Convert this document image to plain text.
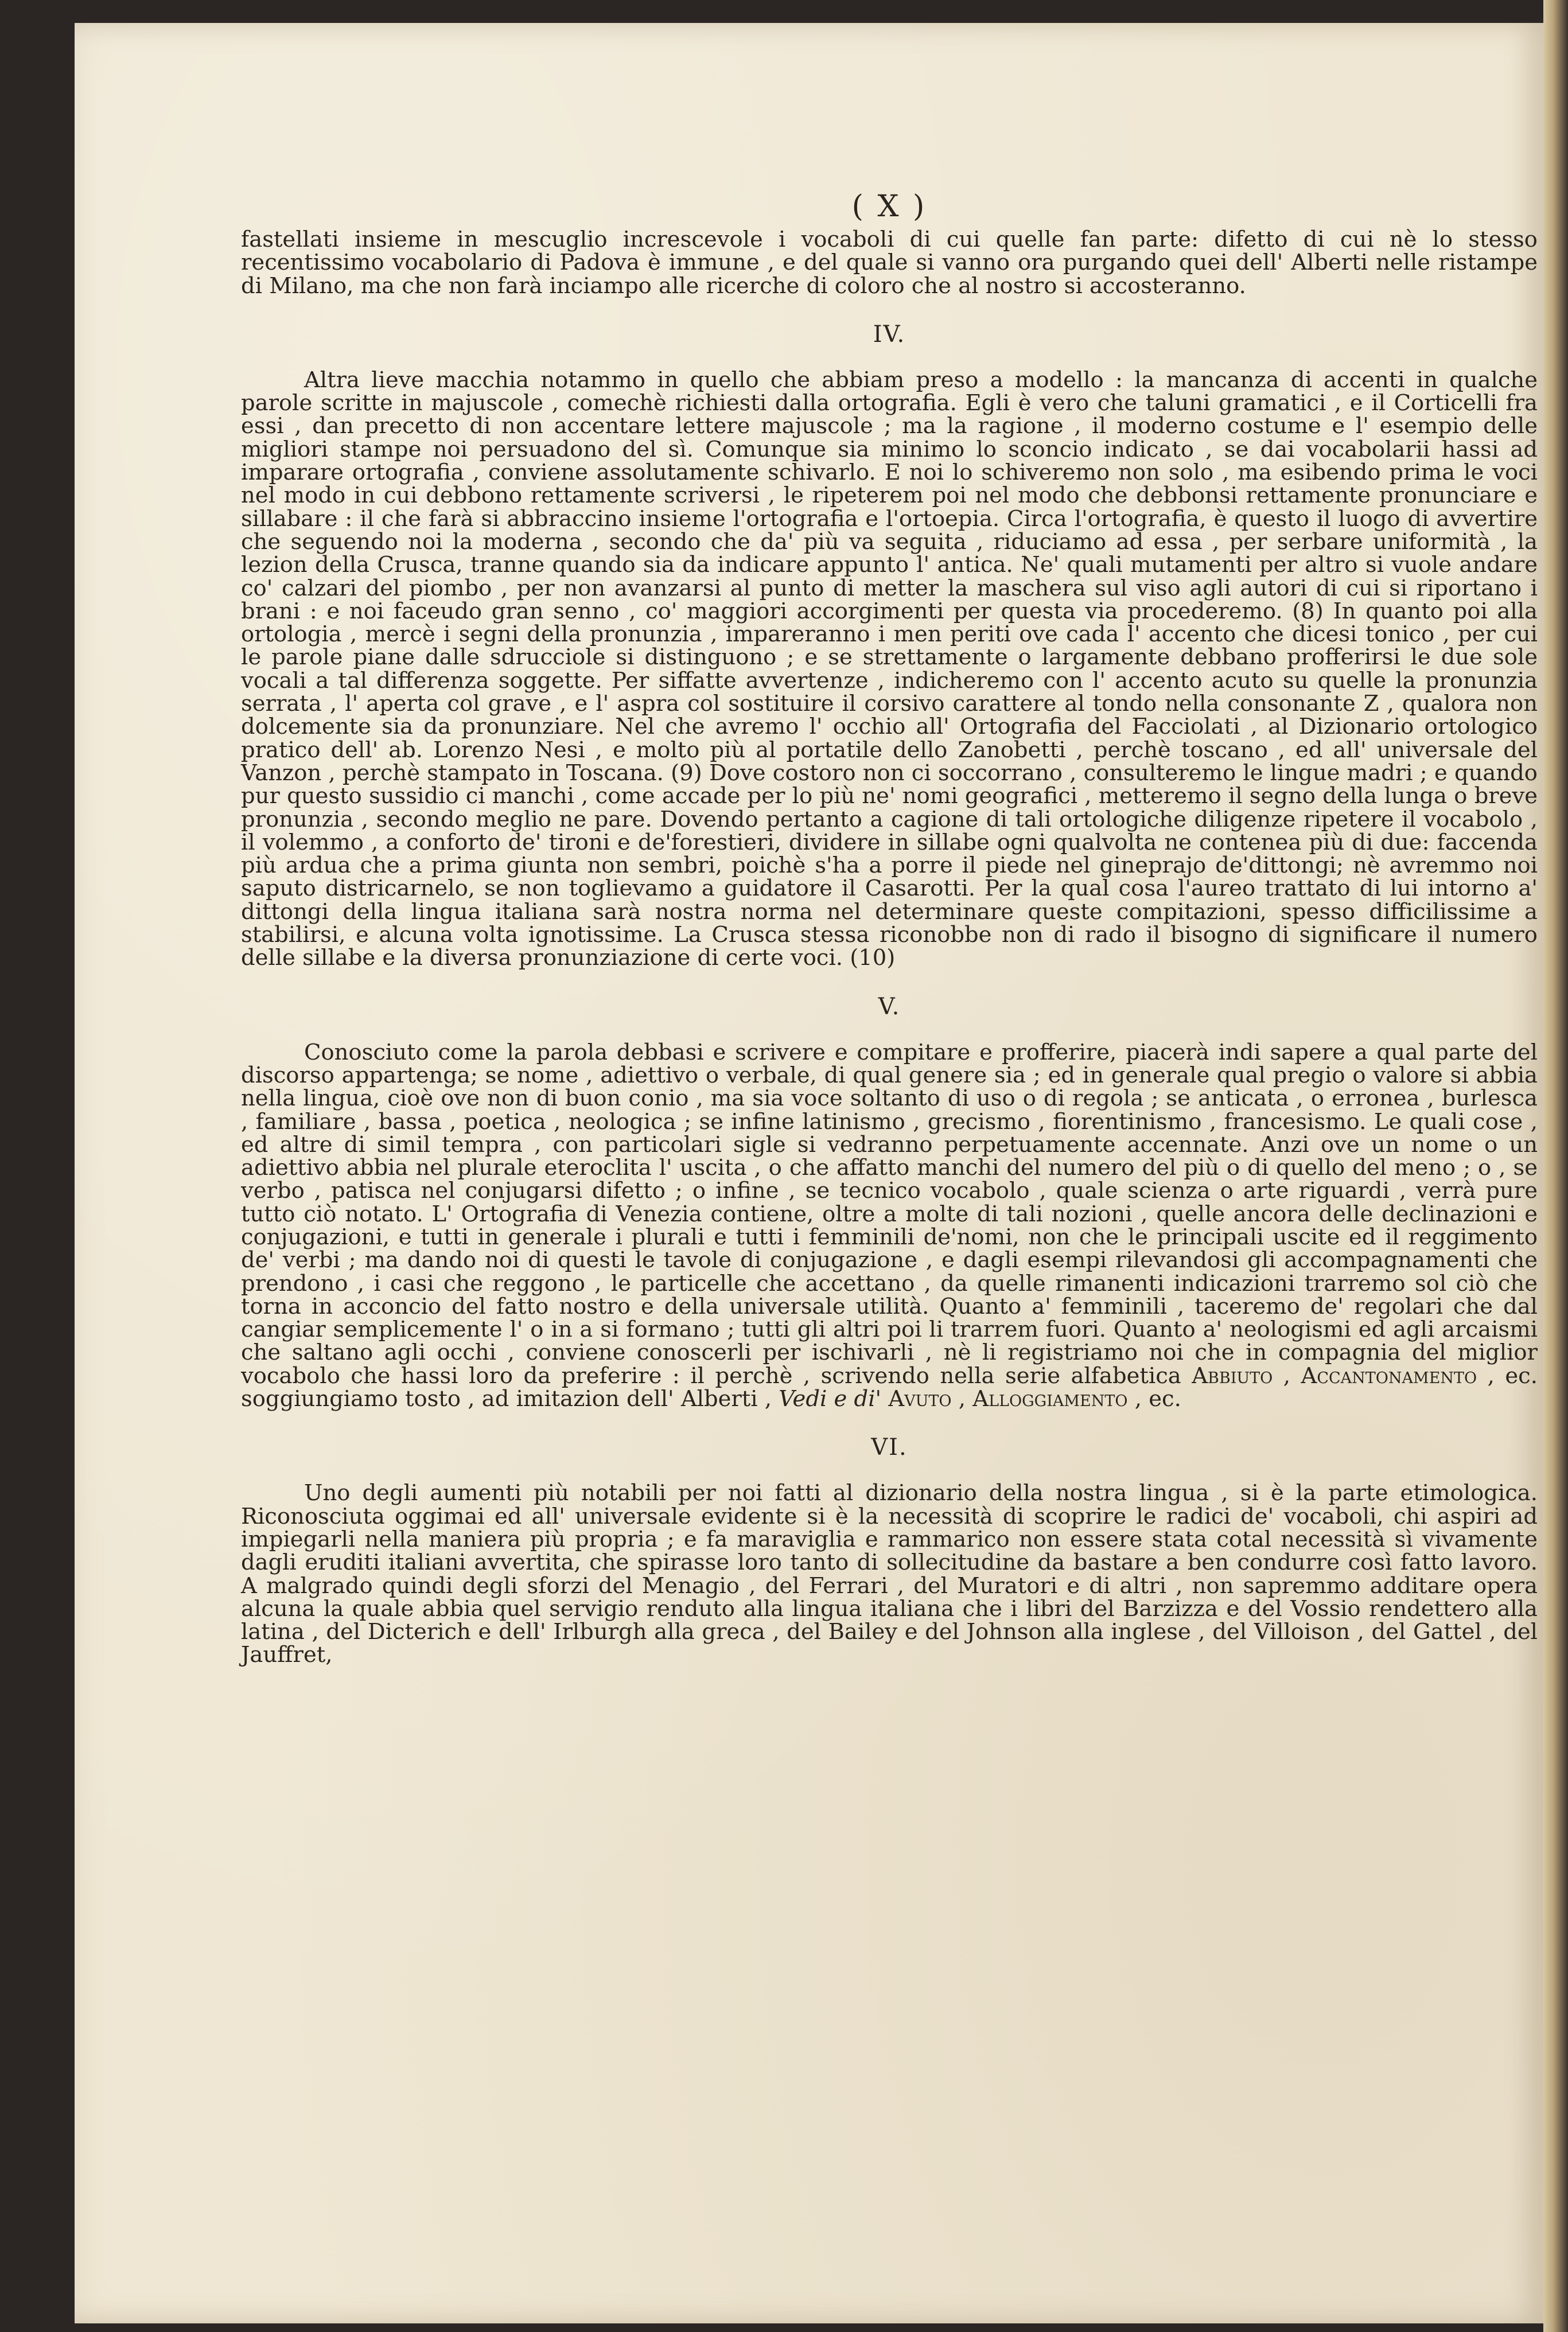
( X )

fastellati insieme in mescuglio increscevole i vocaboli di cui quelle fan parte: difetto di cui nè lo stesso recentissimo vocabolario di Padova è immune , e del quale si vanno ora purgando quei dell' Alberti nelle ristampe di Milano, ma che non farà inciampo alle ricerche di coloro che al nostro si accosteranno.

IV.

Altra lieve macchia notammo in quello che abbiam preso a modello : la mancanza di accenti in qualche parole scritte in majuscole , comechè richiesti dalla ortografia. Egli è vero che taluni gramatici , e il Corticelli fra essi , dan precetto di non accentare lettere majuscole ; ma la ragione , il moderno costume e l' esempio delle migliori stampe noi persuadono del sì. Comunque sia minimo lo sconcio indicato , se dai vocabolarii hassi ad imparare ortografia , conviene assolutamente schivarlo. E noi lo schiveremo non solo , ma esibendo prima le voci nel modo in cui debbono rettamente scriversi , le ripeterem poi nel modo che debbonsi rettamente pronunciare e sillabare : il che farà si abbraccino insieme l'ortografia e l'ortoepia. Circa l'ortografia, è questo il luogo di avvertire che seguendo noi la moderna , secondo che da' più va seguita , riduciamo ad essa , per serbare uniformità , la lezion della Crusca, tranne quando sia da indicare appunto l' antica. Ne' quali mutamenti per altro si vuole andare co' calzari del piombo , per non avanzarsi al punto di metter la maschera sul viso agli autori di cui si riportano i brani : e noi faceudo gran senno , co' maggiori accorgimenti per questa via procederemo. (8) In quanto poi alla ortologia , mercè i segni della pronunzia , impareranno i men periti ove cada l' accento che dicesi tonico , per cui le parole piane dalle sdrucciole si distinguono ; e se strettamente o largamente debbano profferirsi le due sole vocali a tal differenza soggette. Per siffatte avvertenze , indicheremo con l' accento acuto su quelle la pronunzia serrata , l' aperta col grave , e l' aspra col sostituire il corsivo carattere al tondo nella consonante Z , qualora non dolcemente sia da pronunziare. Nel che avremo l' occhio all' Ortografia del Facciolati , al Dizionario ortologico pratico dell' ab. Lorenzo Nesi , e molto più al portatile dello Zanobetti , perchè toscano , ed all' universale del Vanzon , perchè stampato in Toscana. (9) Dove costoro non ci soccorrano , consulteremo le lingue madri ; e quando pur questo sussidio ci manchi , come accade per lo più ne' nomi geografici , metteremo il segno della lunga o breve pronunzia , secondo meglio ne pare. Dovendo pertanto a cagione di tali ortologiche diligenze ripetere il vocabolo , il volemmo , a conforto de' tironi e de'forestieri, dividere in sillabe ogni qualvolta ne contenea più di due: faccenda più ardua che a prima giunta non sembri, poichè s'ha a porre il piede nel gineprajo de'dittongi; nè avremmo noi saputo districarnelo, se non toglievamo a guidatore il Casarotti. Per la qual cosa l'aureo trattato di lui intorno a' dittongi della lingua italiana sarà nostra norma nel determinare queste compitazioni, spesso difficilissime a stabilirsi, e alcuna volta ignotissime. La Crusca stessa riconobbe non di rado il bisogno di significare il numero delle sillabe e la diversa pronunziazione di certe voci. (10)

V.

Conosciuto come la parola debbasi e scrivere e compitare e profferire, piacerà indi sapere a qual parte del discorso appartenga; se nome , adiettivo o verbale, di qual genere sia ; ed in generale qual pregio o valore si abbia nella lingua, cioè ove non di buon conio , ma sia voce soltanto di uso o di regola ; se anticata , o erronea , burlesca , familiare , bassa , poetica , neologica ; se infine latinismo , grecismo , fiorentinismo , francesismo. Le quali cose , ed altre di simil tempra , con particolari sigle si vedranno perpetuamente accennate. Anzi ove un nome o un adiettivo abbia nel plurale eteroclita l' uscita , o che affatto manchi del numero del più o di quello del meno ; o , se verbo , patisca nel conjugarsi difetto ; o infine , se tecnico vocabolo , quale scienza o arte riguardi , verrà pure tutto ciò notato. L' Ortografia di Venezia contiene, oltre a molte di tali nozioni , quelle ancora delle declinazioni e conjugazioni, e tutti in generale i plurali e tutti i femminili de'nomi, non che le principali uscite ed il reggimento de' verbi ; ma dando noi di questi le tavole di conjugazione , e dagli esempi rilevandosi gli accompagnamenti che prendono , i casi che reggono , le particelle che accettano , da quelle rimanenti indicazioni trarremo sol ciò che torna in acconcio del fatto nostro e della universale utilità. Quanto a' femminili , taceremo de' regolari che dal cangiar semplicemente l' o in a si formano ; tutti gli altri poi li trarrem fuori. Quanto a' neologismi ed agli arcaismi che saltano agli occhi , conviene conoscerli per ischivarli , nè li registriamo noi che in compagnia del miglior vocabolo che hassi loro da preferire : il perchè , scrivendo nella serie alfabetica Abbiuto , Accantonamento , ec. soggiungiamo tosto , ad imitazion dell' Alberti , Vedi e di' Avuto , Alloggiamento , ec.

VI.

Uno degli aumenti più notabili per noi fatti al dizionario della nostra lingua , si è la parte etimologica. Riconosciuta oggimai ed all' universale evidente si è la necessità di scoprire le radici de' vocaboli, chi aspiri ad impiegarli nella maniera più propria ; e fa maraviglia e rammarico non essere stata cotal necessità sì vivamente dagli eruditi italiani avvertita, che spirasse loro tanto di sollecitudine da bastare a ben condurre così fatto lavoro. A malgrado quindi degli sforzi del Menagio , del Ferrari , del Muratori e di altri , non sapremmo additare opera alcuna la quale abbia quel servigio renduto alla lingua italiana che i libri del Barzizza e del Vossio rendettero alla latina , del Dicterich e dell' Irlburgh alla greca , del Bailey e del Johnson alla inglese , del Villoison , del Gattel , del Jauffret,
